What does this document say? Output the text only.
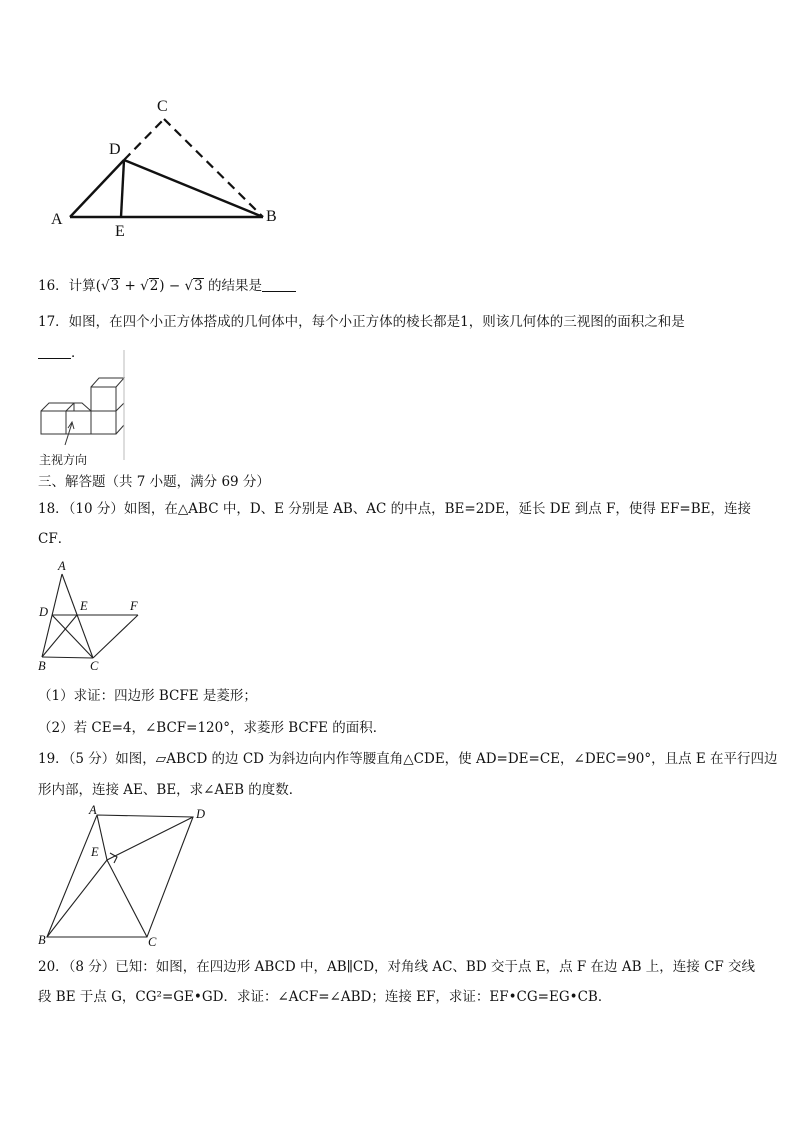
C
D
A
E
B
16．计算(√3 + √2) − √3 的结果是
17．如图，在四个小正方体搭成的几何体中，每个小正方体的棱长都是1，则该几何体的三视图的面积之和是
．
主视方向
三、解答题（共 7 小题，满分 69 分）
18．（10 分）如图，在△ABC 中，D、E 分别是 AB、AC 的中点，BE=2DE，延长 DE 到点 F，使得 EF=BE，连接
CF．
A
D	E	F
B	C
（1）求证：四边形 BCFE 是菱形；
（2）若 CE=4，∠BCF=120°，求菱形 BCFE 的面积．
19．（5 分）如图，▱ABCD 的边 CD 为斜边向内作等腰直角△CDE，使 AD=DE=CE，∠DEC=90°，且点 E 在平行四边
形内部，连接 AE、BE，求∠AEB 的度数．
A	D
E
B	C
20．（8 分）已知：如图，在四边形 ABCD 中，AB∥CD，对角线 AC、BD 交于点 E，点 F 在边 AB 上，连接 CF 交线
段 BE 于点 G，CG²=GE•GD．求证：∠ACF=∠ABD；连接 EF，求证：EF•CG=EG•CB．
